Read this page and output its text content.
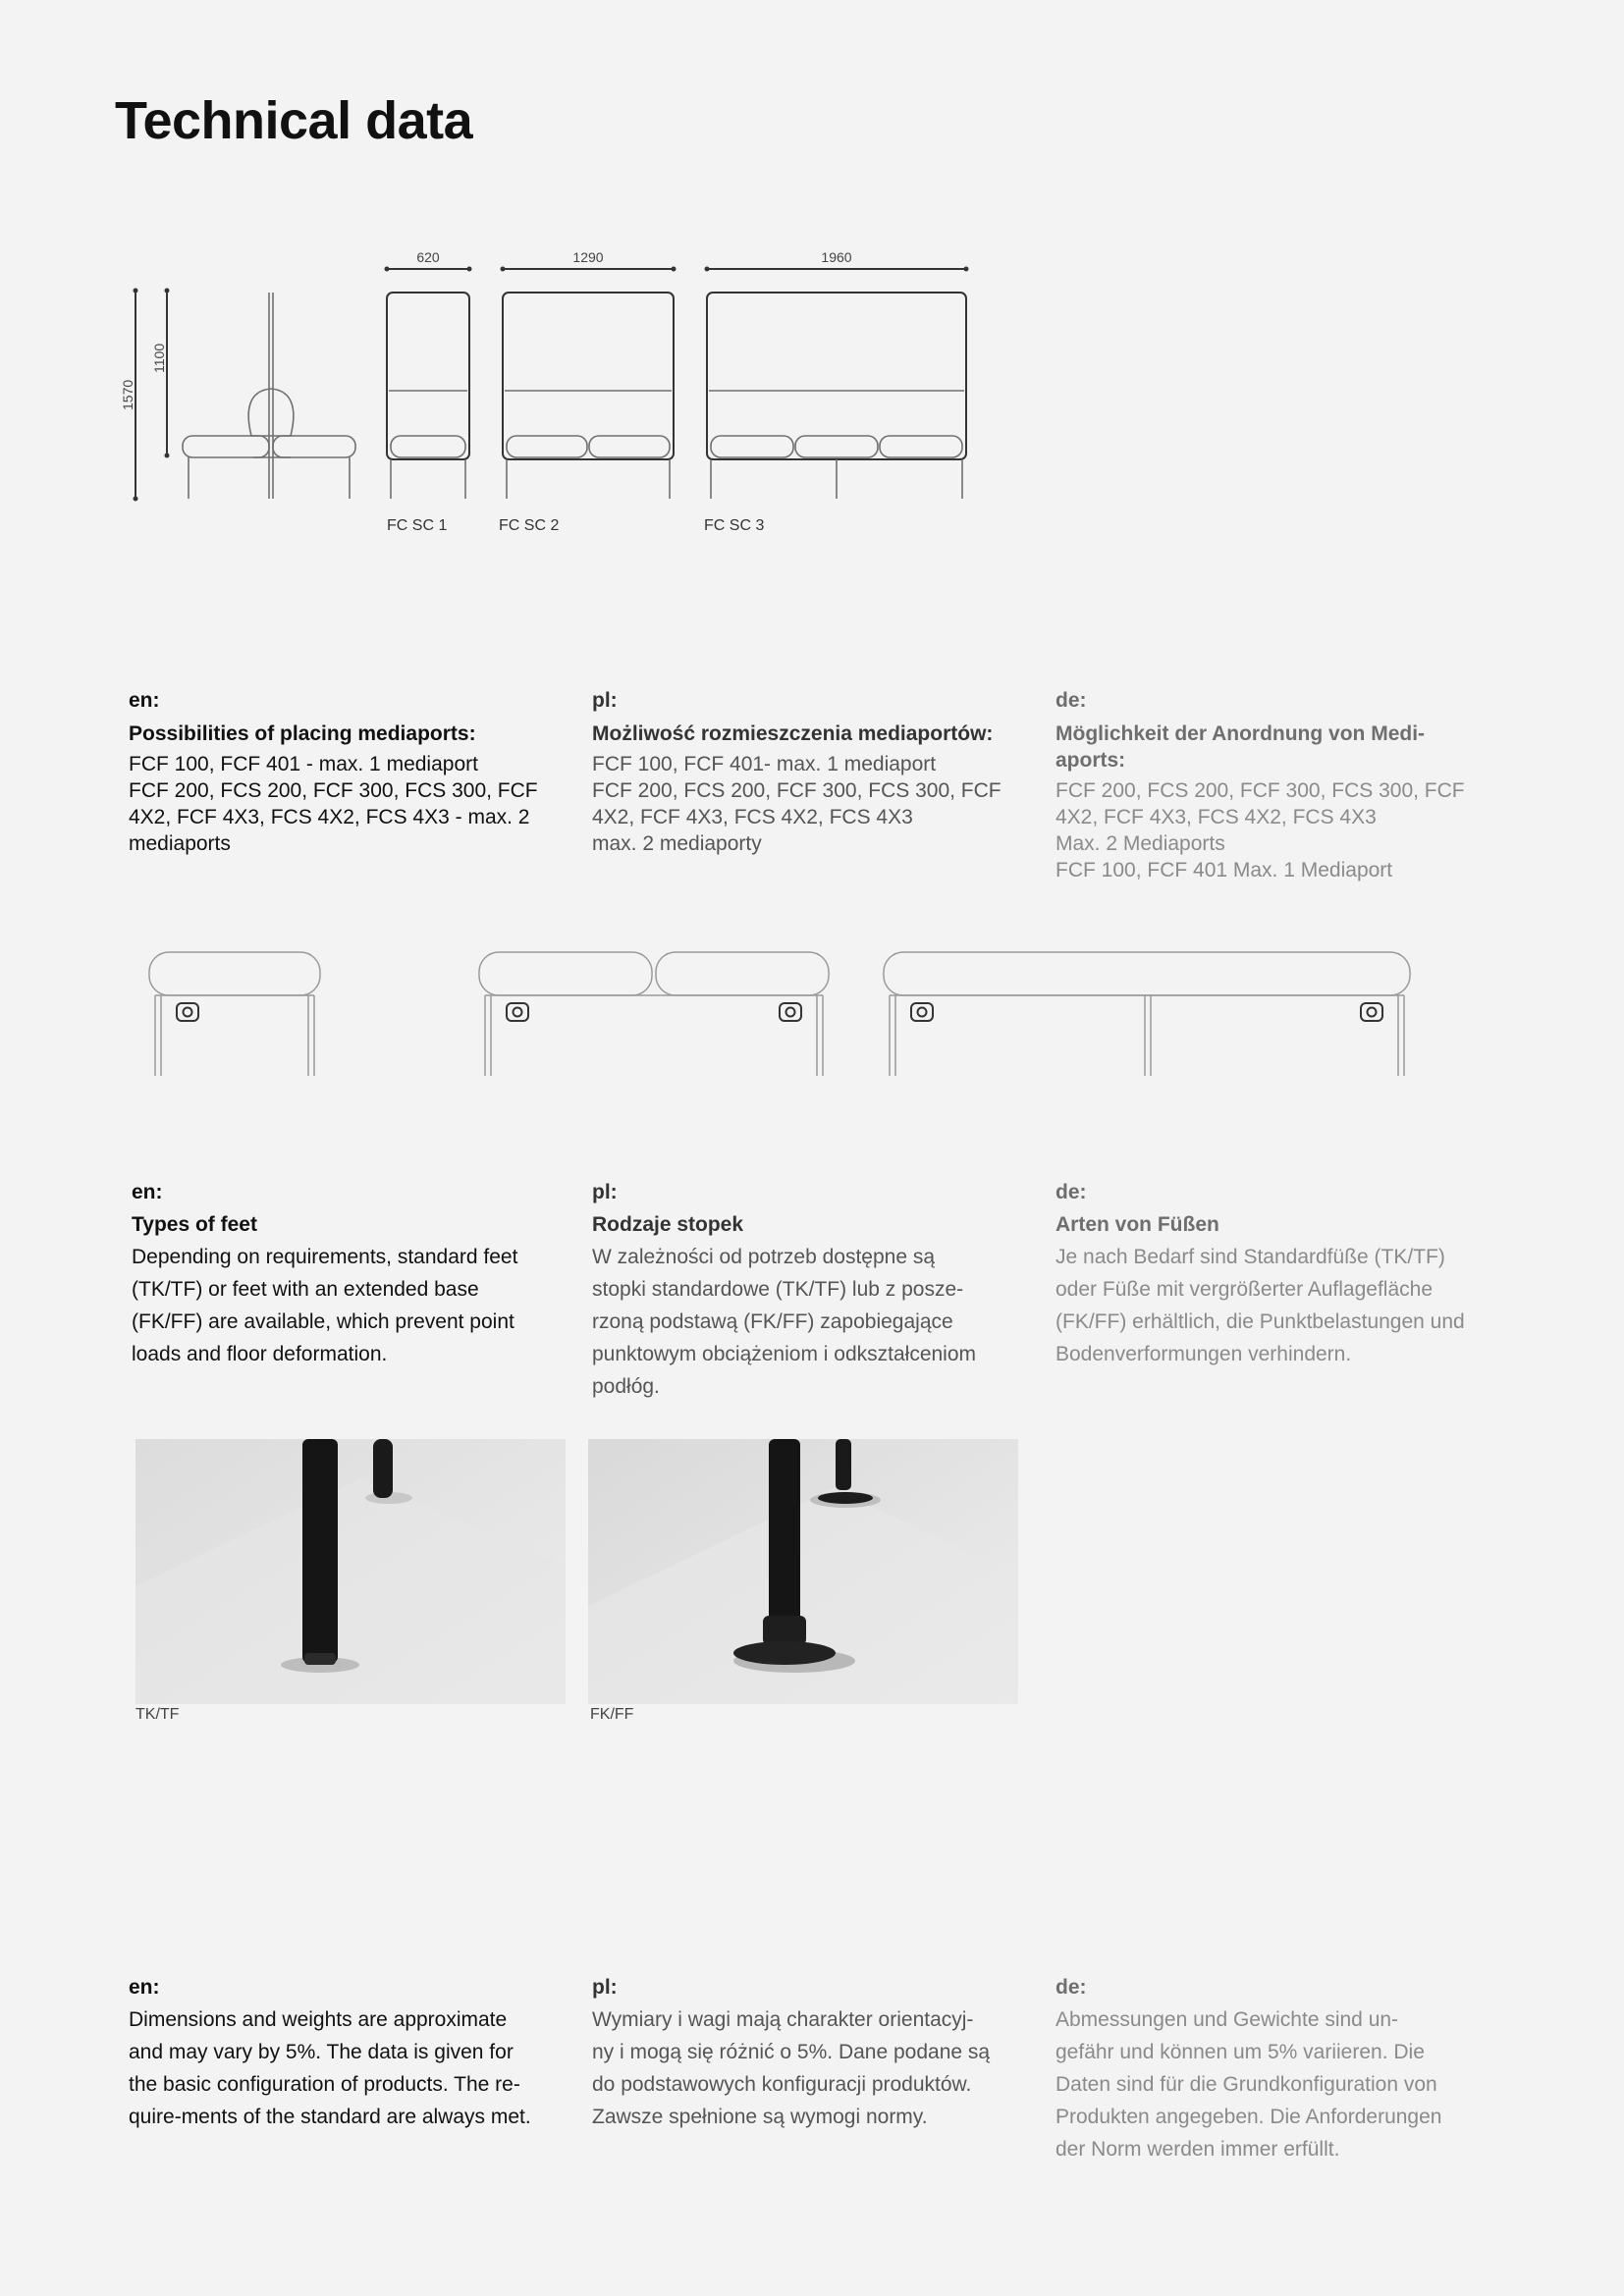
Technical data
1570
1100
620	1290	1960
FC SC 1	FC SC 2	FC SC 3
en:
Possibilities of placing mediaports:

FCF 100, FCF 401 - max. 1 mediaport

FCF 200, FCS 200, FCF 300, FCS 300, FCF

4X2, FCF 4X3, FCS 4X2, FCS 4X3 - max. 2

mediaports

pl:
Możliwość rozmieszczenia mediaportów:

FCF 100, FCF 401- max. 1 mediaport

FCF 200, FCS 200, FCF 300, FCS 300, FCF

4X2, FCF 4X3, FCS 4X2, FCS 4X3

max. 2 mediaporty

de:
Möglichkeit der Anordnung von Medi-
aports:

FCF 200, FCS 200, FCF 300, FCS 300, FCF

4X2, FCF 4X3, FCS 4X2, FCS 4X3

Max. 2 Mediaports

FCF 100, FCF 401 Max. 1 Mediaport

en:
Types of feet

Depending on requirements, standard feet

(TK/TF) or feet with an extended base

(FK/FF) are available, which prevent point

loads and floor deformation.

pl:
Rodzaje stopek

W zależności od potrzeb dostępne są

stopki standardowe (TK/TF) lub z posze-

rzoną podstawą (FK/FF) zapobiegające

punktowym obciążeniom i odkształceniom

podłóg.

de:
Arten von Füßen

Je nach Bedarf sind Standardfüße (TK/TF)

oder Füße mit vergrößerter Auflagefläche

(FK/FF) erhältlich, die Punktbelastungen und

Bodenverformungen verhindern.

TK/TF	FK/FF
en:

Dimensions and weights are approximate

and may vary by 5%. The data is given for

the basic configuration of products. The re-

quire-ments of the standard are always met.

pl:

Wymiary i wagi mają charakter orientacyj-

ny i mogą się różnić o 5%. Dane podane są

do podstawowych konfiguracji produktów.

Zawsze spełnione są wymogi normy.

de:

Abmessungen und Gewichte sind un-

gefähr und können um 5% variieren. Die

Daten sind für die Grundkonfiguration von

Produkten angegeben. Die Anforderungen

der Norm werden immer erfüllt.
